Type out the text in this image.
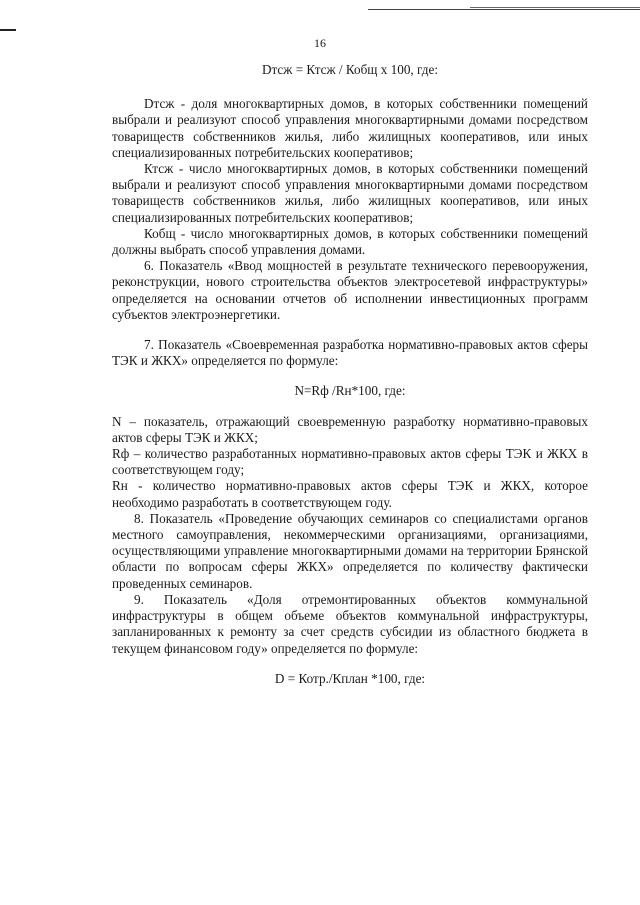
16

Dтсж = Ктсж / Кобщ х 100, где:

Dтсж - доля многоквартирных домов, в которых собственники помещений выбрали и реализуют способ управления многоквартирными домами посредством товариществ собственников жилья, либо жилищных кооперативов, или иных специализированных потребительских кооперативов;

Ктсж - число многоквартирных домов, в которых собственники помещений выбрали и реализуют способ управления многоквартирными домами посредством товариществ собственников жилья, либо жилищных кооперативов, или иных специализированных потребительских кооперативов;

Кобщ - число многоквартирных домов, в которых собственники помещений должны выбрать способ управления домами.

6. Показатель «Ввод мощностей в результате технического перевооружения, реконструкции, нового строительства объектов электросетевой инфраструктуры» определяется на основании отчетов об исполнении инвестиционных программ субъектов электроэнергетики.

7. Показатель «Своевременная разработка нормативно-правовых актов сферы ТЭК и ЖКХ» определяется по формуле:

N=Rф /Rн*100, где:

N – показатель, отражающий своевременную разработку нормативно-правовых актов сферы ТЭК и ЖКХ;

Rф – количество разработанных нормативно-правовых актов сферы ТЭК и ЖКХ в соответствующем году;

Rн - количество нормативно-правовых актов сферы ТЭК и ЖКХ, которое необходимо разработать в соответствующем году.

8. Показатель «Проведение обучающих семинаров со специалистами органов местного самоуправления, некоммерческими организациями, организациями, осуществляющими управление многоквартирными домами на территории Брянской области по вопросам сферы ЖКХ» определяется по количеству фактически проведенных семинаров.

9. Показатель «Доля отремонтированных объектов коммунальной инфраструктуры в общем объеме объектов коммунальной инфраструктуры, запланированных к ремонту за счет средств субсидии из областного бюджета в текущем финансовом году» определяется по формуле:

D = Котр./Кплан *100, где:
